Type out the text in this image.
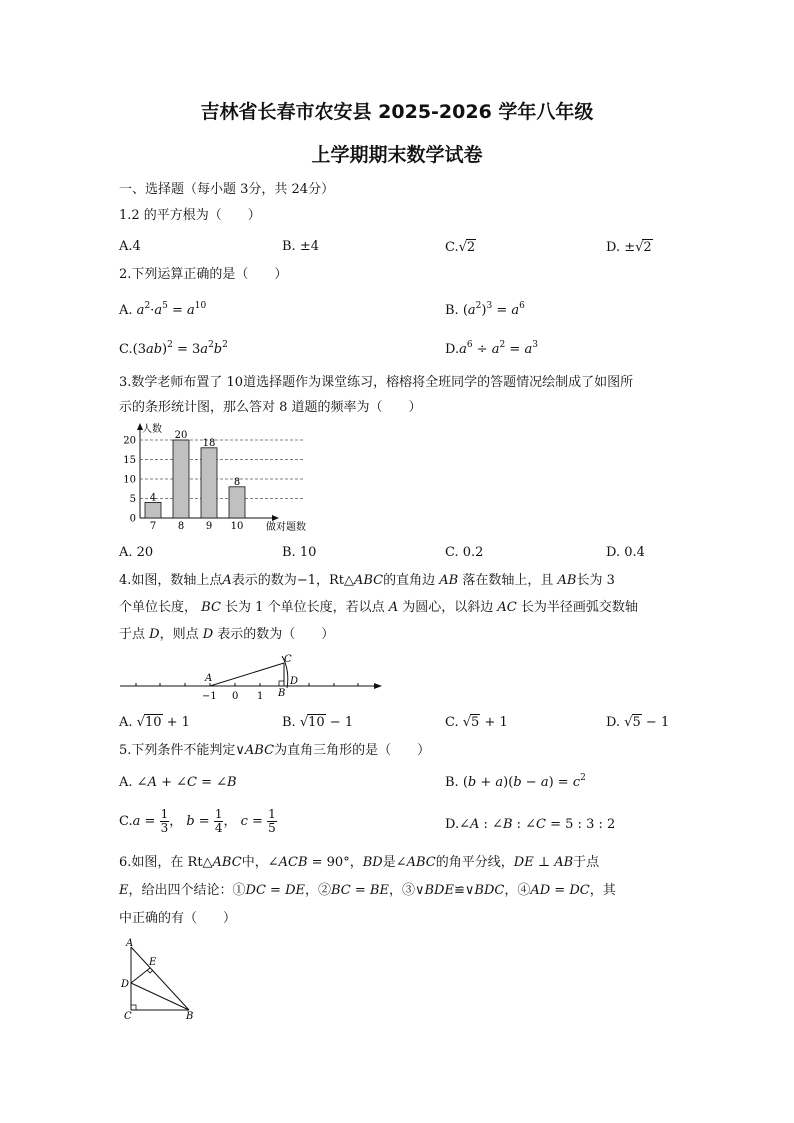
吉林省长春市农安县 2025-2026 学年八年级
上学期期末数学试卷
一、选择题（每小题 3分，共 24分）
1.2 的平方根为（　　）
A.4	B. ±4	C.√2	D. ±√2
2.下列运算正确的是（　　）
A. $a^2\cdot a^5 = a^{10}$	B. $(a^2)^3 = a^6$
$C.(3ab)^2 = 3a^2b^2$	$D.a^6 \div a^2 = a^3$
3.数学老师布置了 10道选择题作为课堂练习，榕榕将全班同学的答题情况绘制成了如图所
示的条形统计图，那么答对 8 道题的频率为（　　）
人数
做对题数
0
5
10
15
20
7 8 9 10
4
20
18
8
A. 20	B. 10	C. 0.2	D. 0.4
4.如图，数轴上点A表示的数为−1，Rt△ABC的直角边 AB 落在数轴上，且 AB长为 3
个单位长度， BC 长为 1 个单位长度，若以点 A 为圆心，以斜边 AC 长为半径画弧交数轴
于点 D，则点 D 表示的数为（　　）
A
C
D
B
−1 0 1
A. √10 + 1	B. √10 − 1	C. √5 + 1	D. √5 − 1
5.下列条件不能判定∨ABC为直角三角形的是（　　）
A. ∠A + ∠C = ∠B	B. $(b + a)(b - a) = c^2$
$C.a = \frac{1}{3}$ ， $b = \frac{1}{4}$ ， $c = \frac{1}{5}$	D.∠A : ∠B : ∠C = 5 : 3 : 2
6.如图，在 Rt△ABC中，∠ACB = 90°，BD是∠ABC的角平分线，DE ⊥ AB于点
E，给出四个结论：①DC = DE，②BC = BE，③∨BDE≌∨BDC，④AD = DC，其
中正确的有（　　）
A
E
D
C	B
